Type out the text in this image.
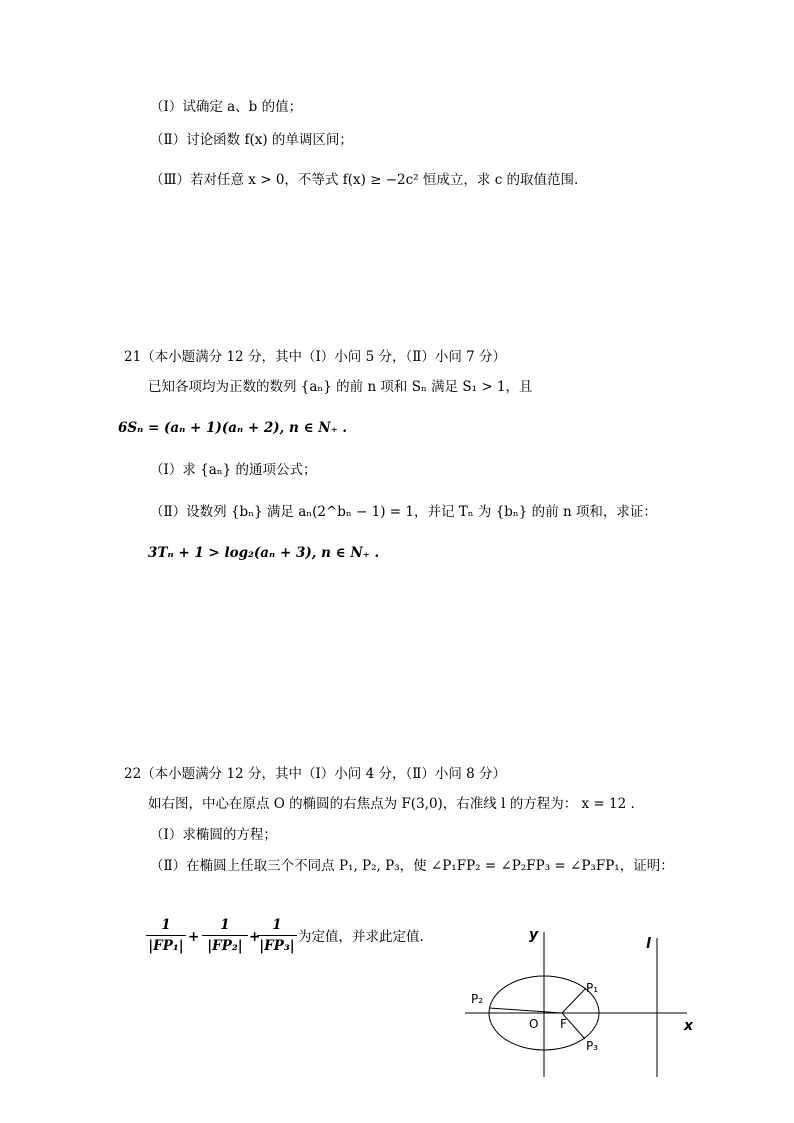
（Ⅰ）试确定 a、b 的值；
（Ⅱ）讨论函数 f(x) 的单调区间；
（Ⅲ）若对任意 x > 0，不等式 f(x) ≥ −2c² 恒成立，求 c 的取值范围.
21（本小题满分 12 分，其中（Ⅰ）小问 5 分，（Ⅱ）小问 7 分）
已知各项均为正数的数列 {aₙ} 的前 n 项和 Sₙ 满足 S₁ > 1，且
6Sₙ = (aₙ + 1)(aₙ + 2), n ∈ N₊ .
（Ⅰ）求 {aₙ} 的通项公式；
（Ⅱ）设数列 {bₙ} 满足 aₙ(2^bₙ − 1) = 1，并记 Tₙ 为 {bₙ} 的前 n 项和，求证：
3Tₙ + 1 > log₂(aₙ + 3), n ∈ N₊ .
22（本小题满分 12 分，其中（Ⅰ）小问 4 分，（Ⅱ）小问 8 分）
如右图，中心在原点 O 的椭圆的右焦点为 F(3,0)，右准线 l 的方程为： x = 12 .
（Ⅰ）求椭圆的方程；
（Ⅱ）在椭圆上任取三个不同点 P₁, P₂, P₃，使 ∠P₁FP₂ = ∠P₂FP₃ = ∠P₃FP₁，证明：
1
|FP₁|
+
1
|FP₂|
+
1
|FP₃|
为定值，并求此定值.	y
x
l
O F
P₁
P₂
P₃
